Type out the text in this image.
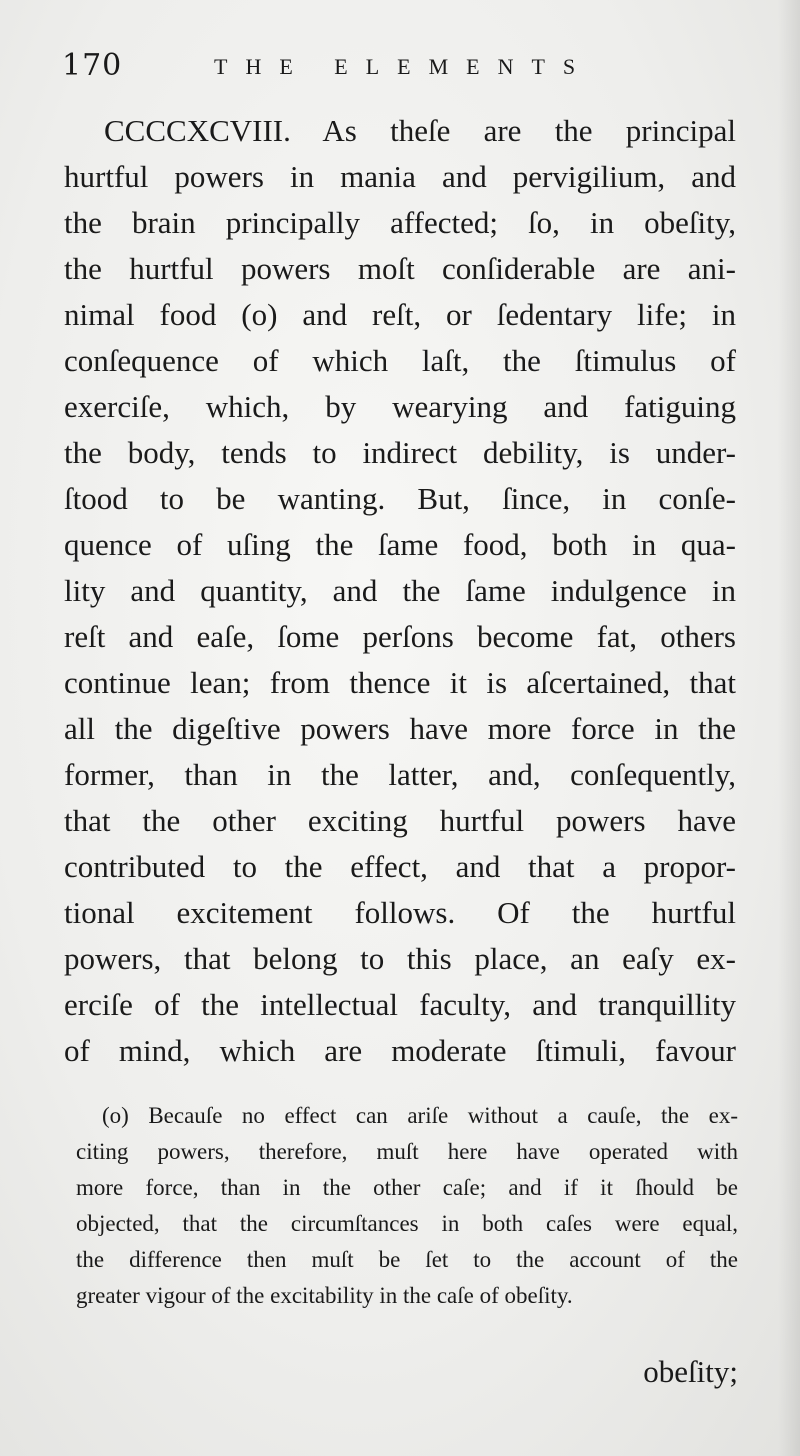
170	THE ELEMENTS
CCCCXCVIII. As theſe are the principal
hurtful powers in mania and pervigilium, and
the brain principally affected; ſo, in obeſity,
the hurtful powers moſt conſiderable are ani-
nimal food (o) and reſt, or ſedentary life; in
conſequence of which laſt, the ſtimulus of
exerciſe, which, by wearying and fatiguing
the body, tends to indirect debility, is under-
ſtood to be wanting. But, ſince, in conſe-
quence of uſing the ſame food, both in qua-
lity and quantity, and the ſame indulgence in
reſt and eaſe, ſome perſons become fat, others
continue lean; from thence it is aſcertained, that
all the digeſtive powers have more force in the
former, than in the latter, and, conſequently,
that the other exciting hurtful powers have
contributed to the effect, and that a propor-
tional excitement follows. Of the hurtful
powers, that belong to this place, an eaſy ex-
erciſe of the intellectual faculty, and tranquillity
of mind, which are moderate ſtimuli, favour
(o) Becauſe no effect can ariſe without a cauſe, the ex-
citing powers, therefore, muſt here have operated with
more force, than in the other caſe; and if it ſhould be
objected, that the circumſtances in both caſes were equal,
the difference then muſt be ſet to the account of the
greater vigour of the excitability in the caſe of obeſity.
obeſity;
